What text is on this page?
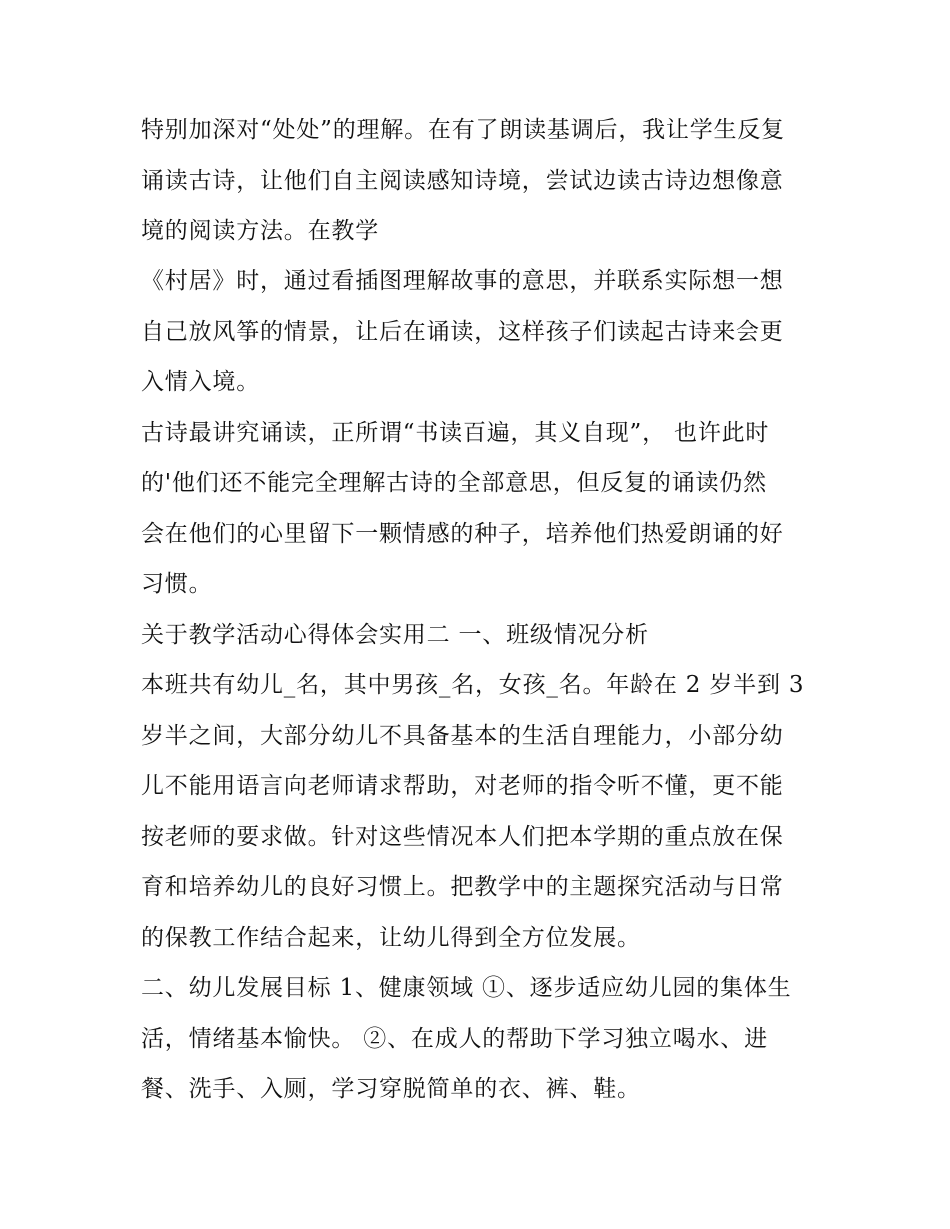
特别加深对“处处”的理解。在有了朗读基调后，我让学生反复
诵读古诗，让他们自主阅读感知诗境，尝试边读古诗边想像意
境的阅读方法。在教学
《村居》时，通过看插图理解故事的意思，并联系实际想一想
自己放风筝的情景，让后在诵读，这样孩子们读起古诗来会更
入情入境。
古诗最讲究诵读，正所谓“书读百遍，其义自现”， 也许此时
的'他们还不能完全理解古诗的全部意思，但反复的诵读仍然
会在他们的心里留下一颗情感的种子，培养他们热爱朗诵的好
习惯。
关于教学活动心得体会实用二 一、班级情况分析
本班共有幼儿_名，其中男孩_名，女孩_名。年龄在 2 岁半到 3
岁半之间，大部分幼儿不具备基本的生活自理能力，小部分幼
儿不能用语言向老师请求帮助，对老师的指令听不懂，更不能
按老师的要求做。针对这些情况本人们把本学期的重点放在保
育和培养幼儿的良好习惯上。把教学中的主题探究活动与日常
的保教工作结合起来，让幼儿得到全方位发展。
二、幼儿发展目标 1、健康领域 ①、逐步适应幼儿园的集体生
活，情绪基本愉快。 ②、在成人的帮助下学习独立喝水、进
餐、洗手、入厕，学习穿脱简单的衣、裤、鞋。
